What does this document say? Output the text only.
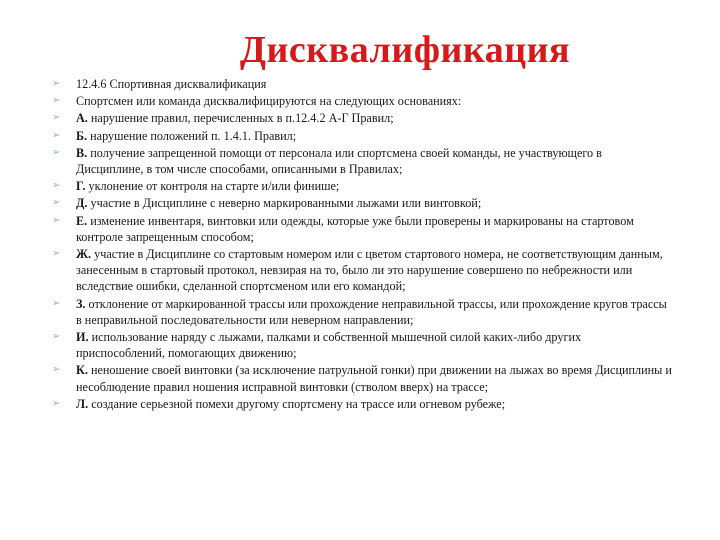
Дисквалификация
➢ 12.4.6 Спортивная дисквалификация
➢ Спортсмен или команда дисквалифицируются на следующих основаниях:
➢ А. нарушение правил, перечисленных в п.12.4.2 А-Г Правил;
➢ Б. нарушение положений п. 1.4.1. Правил;
➢ В. получение запрещенной помощи от персонала или спортсмена своей команды, не участвующего в Дисциплине, в том числе способами, описанными в Правилах;
➢ Г. уклонение от контроля на старте и/или финише;
➢ Д. участие в Дисциплине с неверно маркированными лыжами или винтовкой;
➢ Е. изменение инвентаря, винтовки или одежды, которые уже были проверены и маркированы на стартовом контроле запрещенным способом;
➢ Ж. участие в Дисциплине со стартовым номером или с цветом стартового номера, не соответствующим данным, занесенным в стартовый протокол, невзирая на то, было ли это нарушение совершено по небрежности или вследствие ошибки, сделанной спортсменом или его командой;
➢ З. отклонение от маркированной трассы или прохождение неправильной трассы, или прохождение кругов трассы в неправильной последовательности или неверном направлении;
➢ И. использование наряду с лыжами, палками и собственной мышечной силой каких-либо других приспособлений, помогающих движению;
➢ К. неношение своей винтовки (за исключение патрульной гонки) при движении на лыжах во время Дисциплины и несоблюдение правил ношения исправной винтовки (стволом вверх) на трассе;
➢ Л. создание серьезной помехи другому спортсмену на трассе или огневом рубеже;
